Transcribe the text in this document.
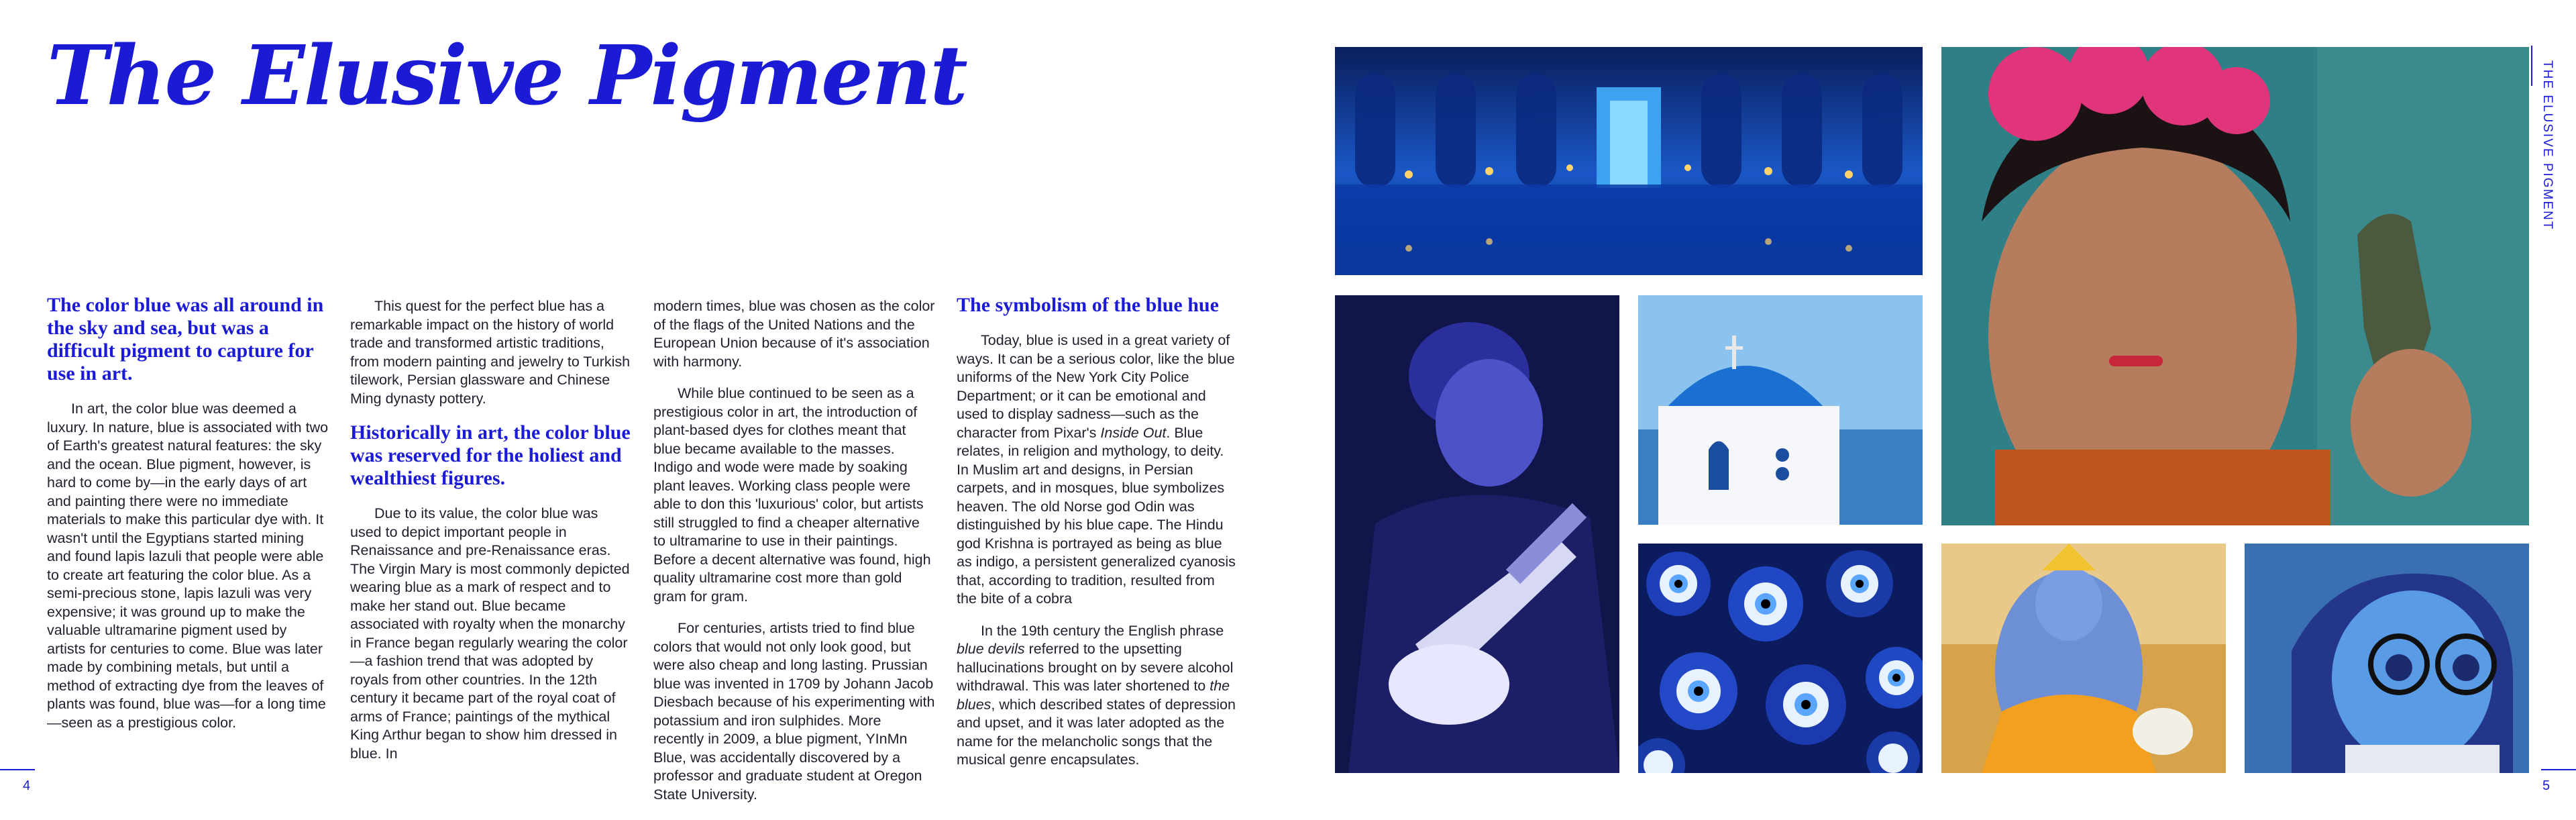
The Elusive Pigment
The color blue was all around in the sky and sea, but was a difficult pigment to capture for use in art.

In art, the color blue was deemed a luxury. In nature, blue is associated with two of Earth's greatest natural features: the sky and the ocean. Blue pigment, however, is hard to come by—in the early days of art and painting there were no immediate materials to make this particular dye with. It wasn't until the Egyptians started mining and found lapis lazuli that people were able to create art featuring the color blue. As a semi-precious stone, lapis lazuli was very expensive; it was ground up to make the valuable ultramarine pigment used by artists for centuries to come. Blue was later made by combining metals, but until a method of extracting dye from the leaves of plants was found, blue was—for a long time—seen as a prestigious color.

This quest for the perfect blue has a remarkable impact on the history of world trade and transformed artistic traditions, from modern painting and jewelry to Turkish tilework, Persian glassware and Chinese Ming dynasty pottery.

Historically in art, the color blue was reserved for the holiest and wealthiest figures.

Due to its value, the color blue was used to depict important people in Renaissance and pre-Renaissance eras. The Virgin Mary is most commonly depicted wearing blue as a mark of respect and to make her stand out. Blue became associated with royalty when the monarchy in France began regularly wearing the color—a fashion trend that was adopted by royals from other countries. In the 12th century it became part of the royal coat of arms of France; paintings of the mythical King Arthur began to show him dressed in blue. In

modern times, blue was chosen as the color of the flags of the United Nations and the European Union because of it's association with harmony.

While blue continued to be seen as a prestigious color in art, the introduction of plant-based dyes for clothes meant that blue became available to the masses. Indigo and wode were made by soaking plant leaves. Working class people were able to don this 'luxurious' color, but artists still struggled to find a cheaper alternative to ultramarine to use in their paintings. Before a decent alternative was found, high quality ultramarine cost more than gold gram for gram.

For centuries, artists tried to find blue colors that would not only look good, but were also cheap and long lasting. Prussian blue was invented in 1709 by Johann Jacob Diesbach because of his experimenting with potassium and iron sulphides. More recently in 2009, a blue pigment, YInMn Blue, was accidentally discovered by a professor and graduate student at Oregon State University.

The symbolism of the blue hue

Today, blue is used in a great variety of ways. It can be a serious color, like the blue uniforms of the New York City Police Department; or it can be emotional and used to display sadness—such as the character from Pixar's Inside Out. Blue relates, in religion and mythology, to deity. In Muslim art and designs, in Persian carpets, and in mosques, blue symbolizes heaven. The old Norse god Odin was distinguished by his blue cape. The Hindu god Krishna is portrayed as being as blue as indigo, a persistent generalized cyanosis that, according to tradition, resulted from the bite of a cobra

In the 19th century the English phrase blue devils referred to the upsetting hallucinations brought on by severe alcohol withdrawal. This was later shortened to the blues, which described states of depression and upset, and it was later adopted as the name for the melancholic songs that the musical genre encapsulates.

4	5
THE ELUSIVE PIGMENT
